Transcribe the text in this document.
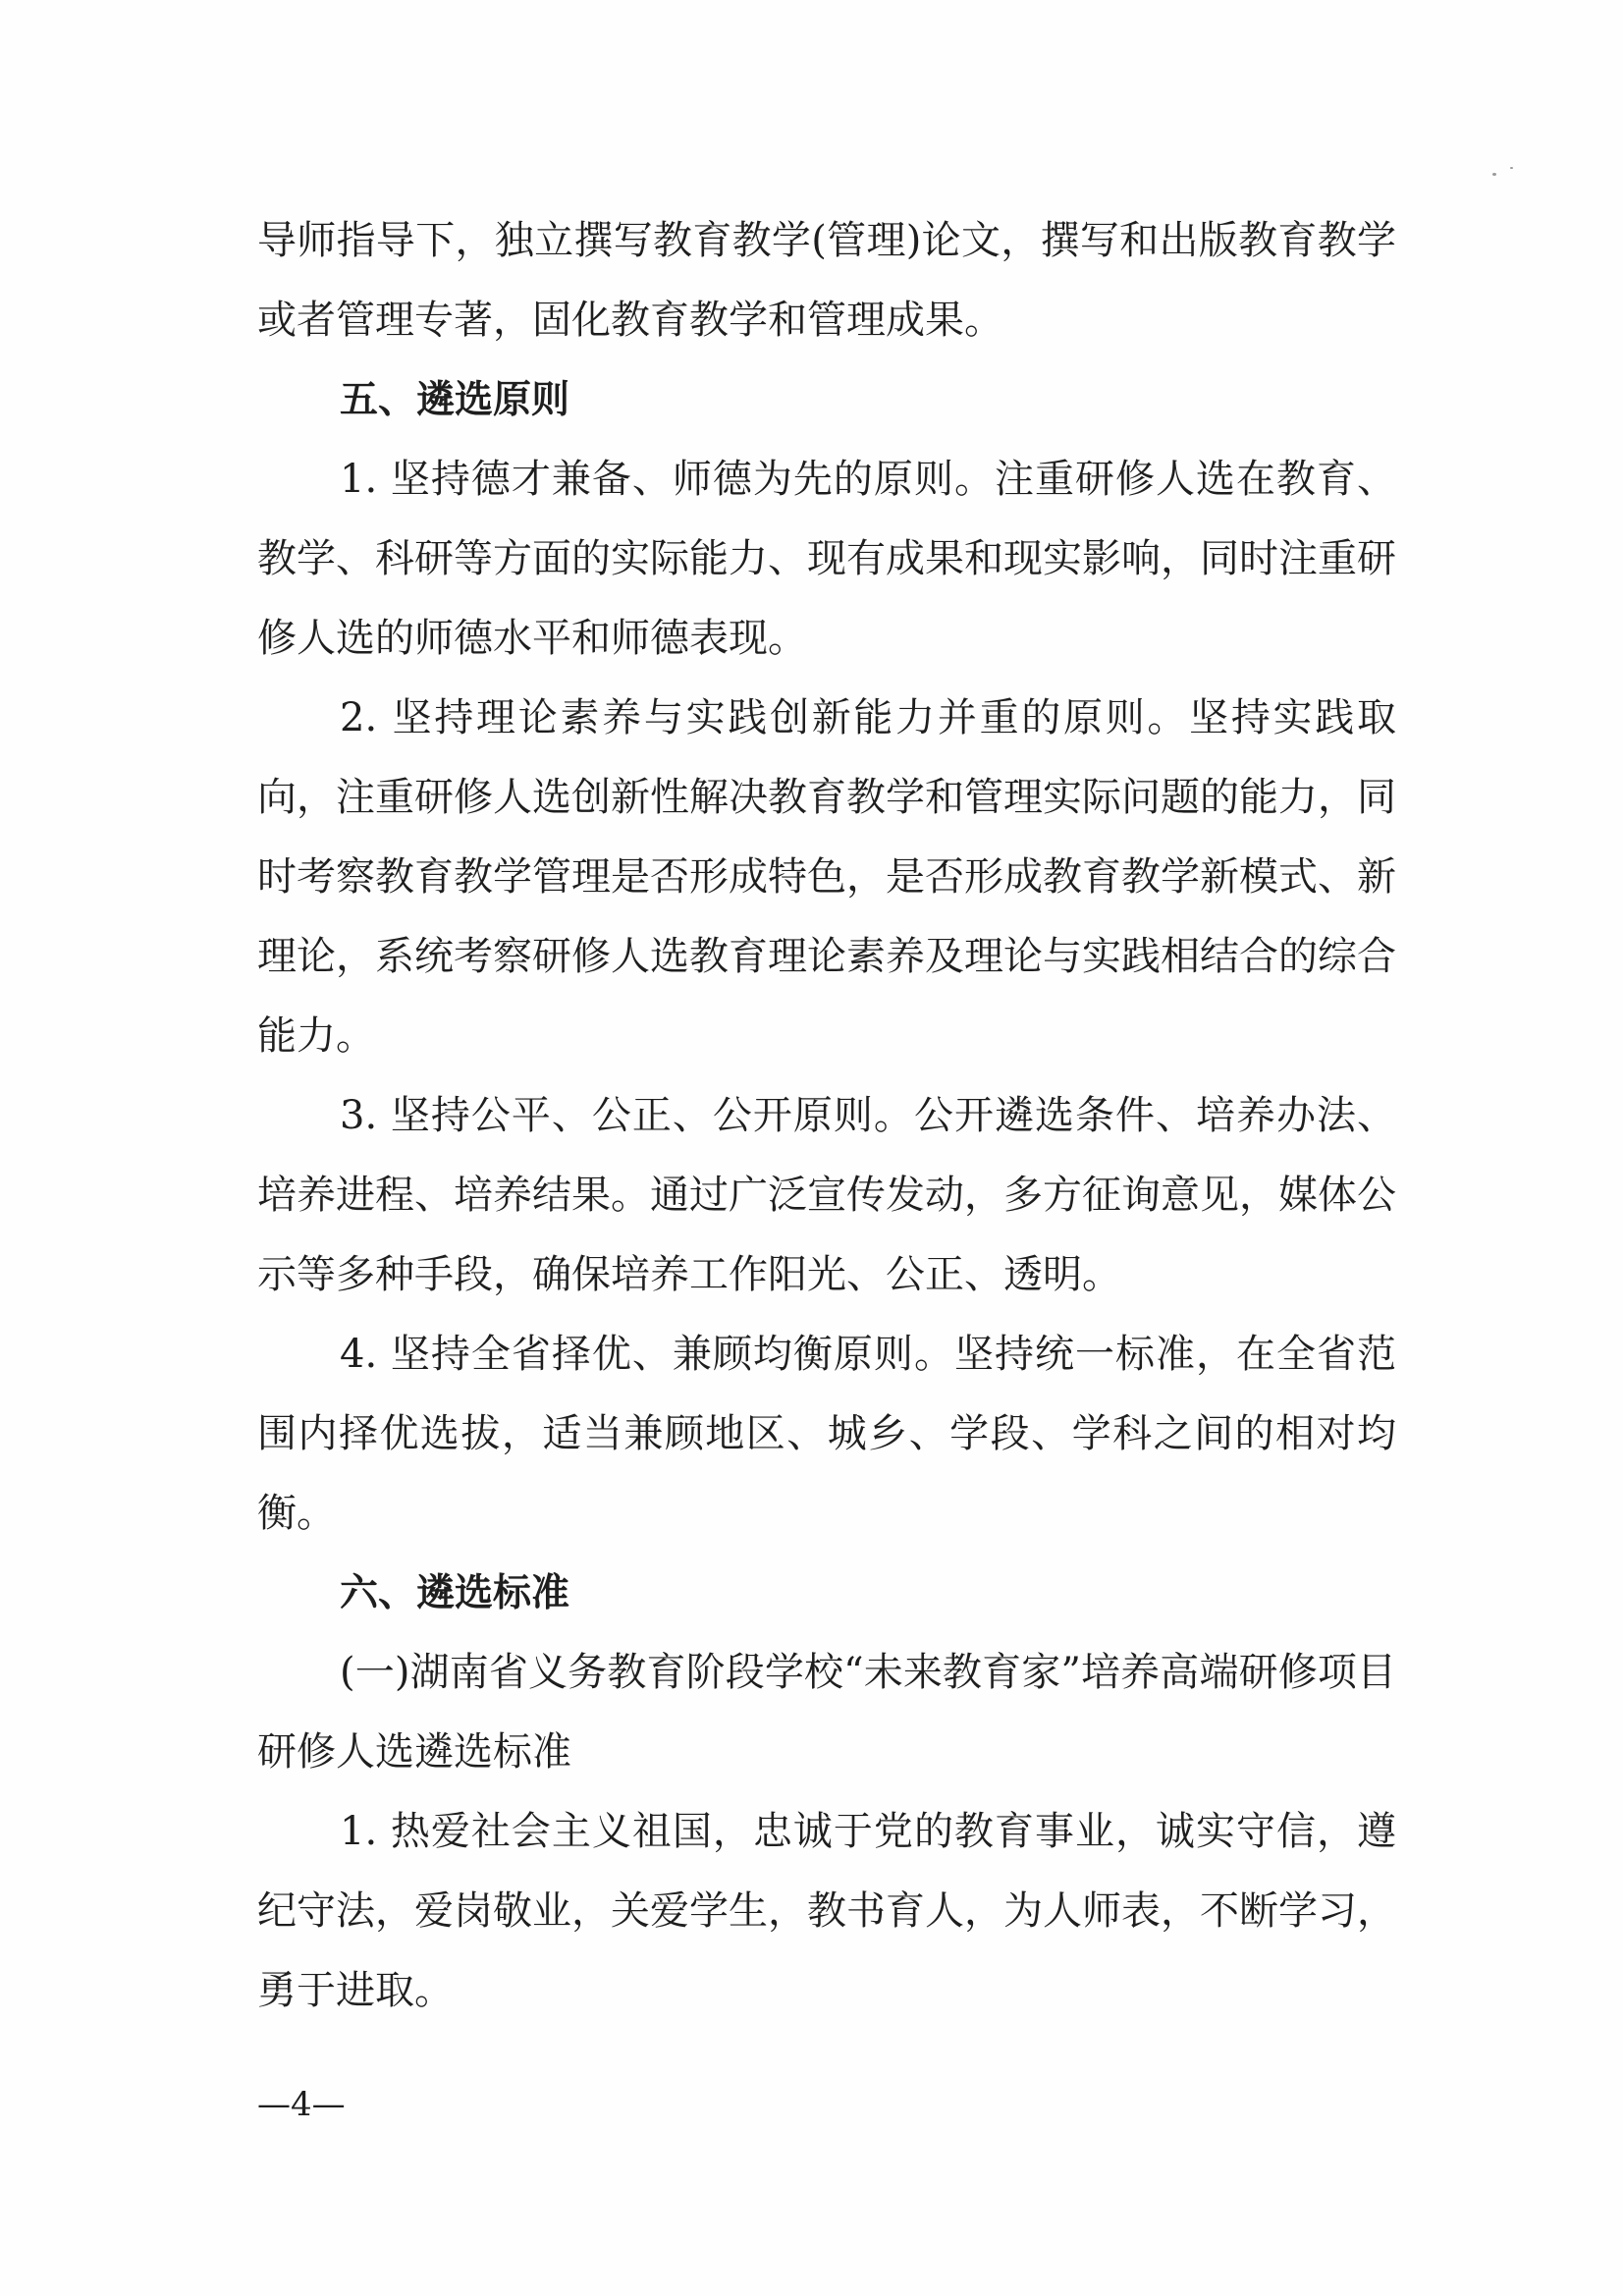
导师指导下，独立撰写教育教学(管理)论文，撰写和出版教育教学或者管理专著，固化教育教学和管理成果。

五、遴选原则

1. 坚持德才兼备、师德为先的原则。注重研修人选在教育、教学、科研等方面的实际能力、现有成果和现实影响，同时注重研修人选的师德水平和师德表现。

2. 坚持理论素养与实践创新能力并重的原则。坚持实践取向，注重研修人选创新性解决教育教学和管理实际问题的能力，同时考察教育教学管理是否形成特色，是否形成教育教学新模式、新理论，系统考察研修人选教育理论素养及理论与实践相结合的综合能力。

3. 坚持公平、公正、公开原则。公开遴选条件、培养办法、培养进程、培养结果。通过广泛宣传发动，多方征询意见，媒体公示等多种手段，确保培养工作阳光、公正、透明。

4. 坚持全省择优、兼顾均衡原则。坚持统一标准，在全省范围内择优选拔，适当兼顾地区、城乡、学段、学科之间的相对均衡。

六、遴选标准

(一)湖南省义务教育阶段学校“未来教育家”培养高端研修项目研修人选遴选标准

1. 热爱社会主义祖国，忠诚于党的教育事业，诚实守信，遵纪守法，爱岗敬业，关爱学生，教书育人，为人师表，不断学习，勇于进取。

—4—
